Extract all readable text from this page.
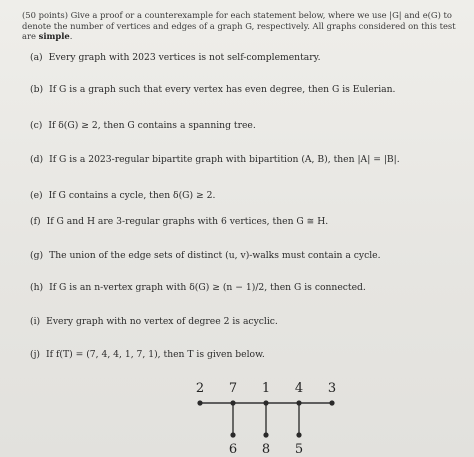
(50 points) Give a proof or a counterexample for each statement below, where we use |G| and e(G) to denote the number of vertices and edges of a graph G, respectively. All graphs considered on this test are simple.

(a) Every graph with 2023 vertices is not self-complementary.
(b) If G is a graph such that every vertex has even degree, then G is Eulerian.
(c) If δ(G) ≥ 2, then G contains a spanning tree.
(d) If G is a 2023-regular bipartite graph with bipartition (A, B), then |A| = |B|.
(e) If G contains a cycle, then δ(G) ≥ 2.
(f) If G and H are 3-regular graphs with 6 vertices, then G ≅ H.
(g) The union of the edge sets of distinct (u, v)-walks must contain a cycle.
(h) If G is an n-vertex graph with δ(G) ≥ (n − 1)/2, then G is connected.
(i) Every graph with no vertex of degree 2 is acyclic.
(j) If f(T) = (7, 4, 4, 1, 7, 1), then T is given below.
2 7 1 4 3
6 8 5
